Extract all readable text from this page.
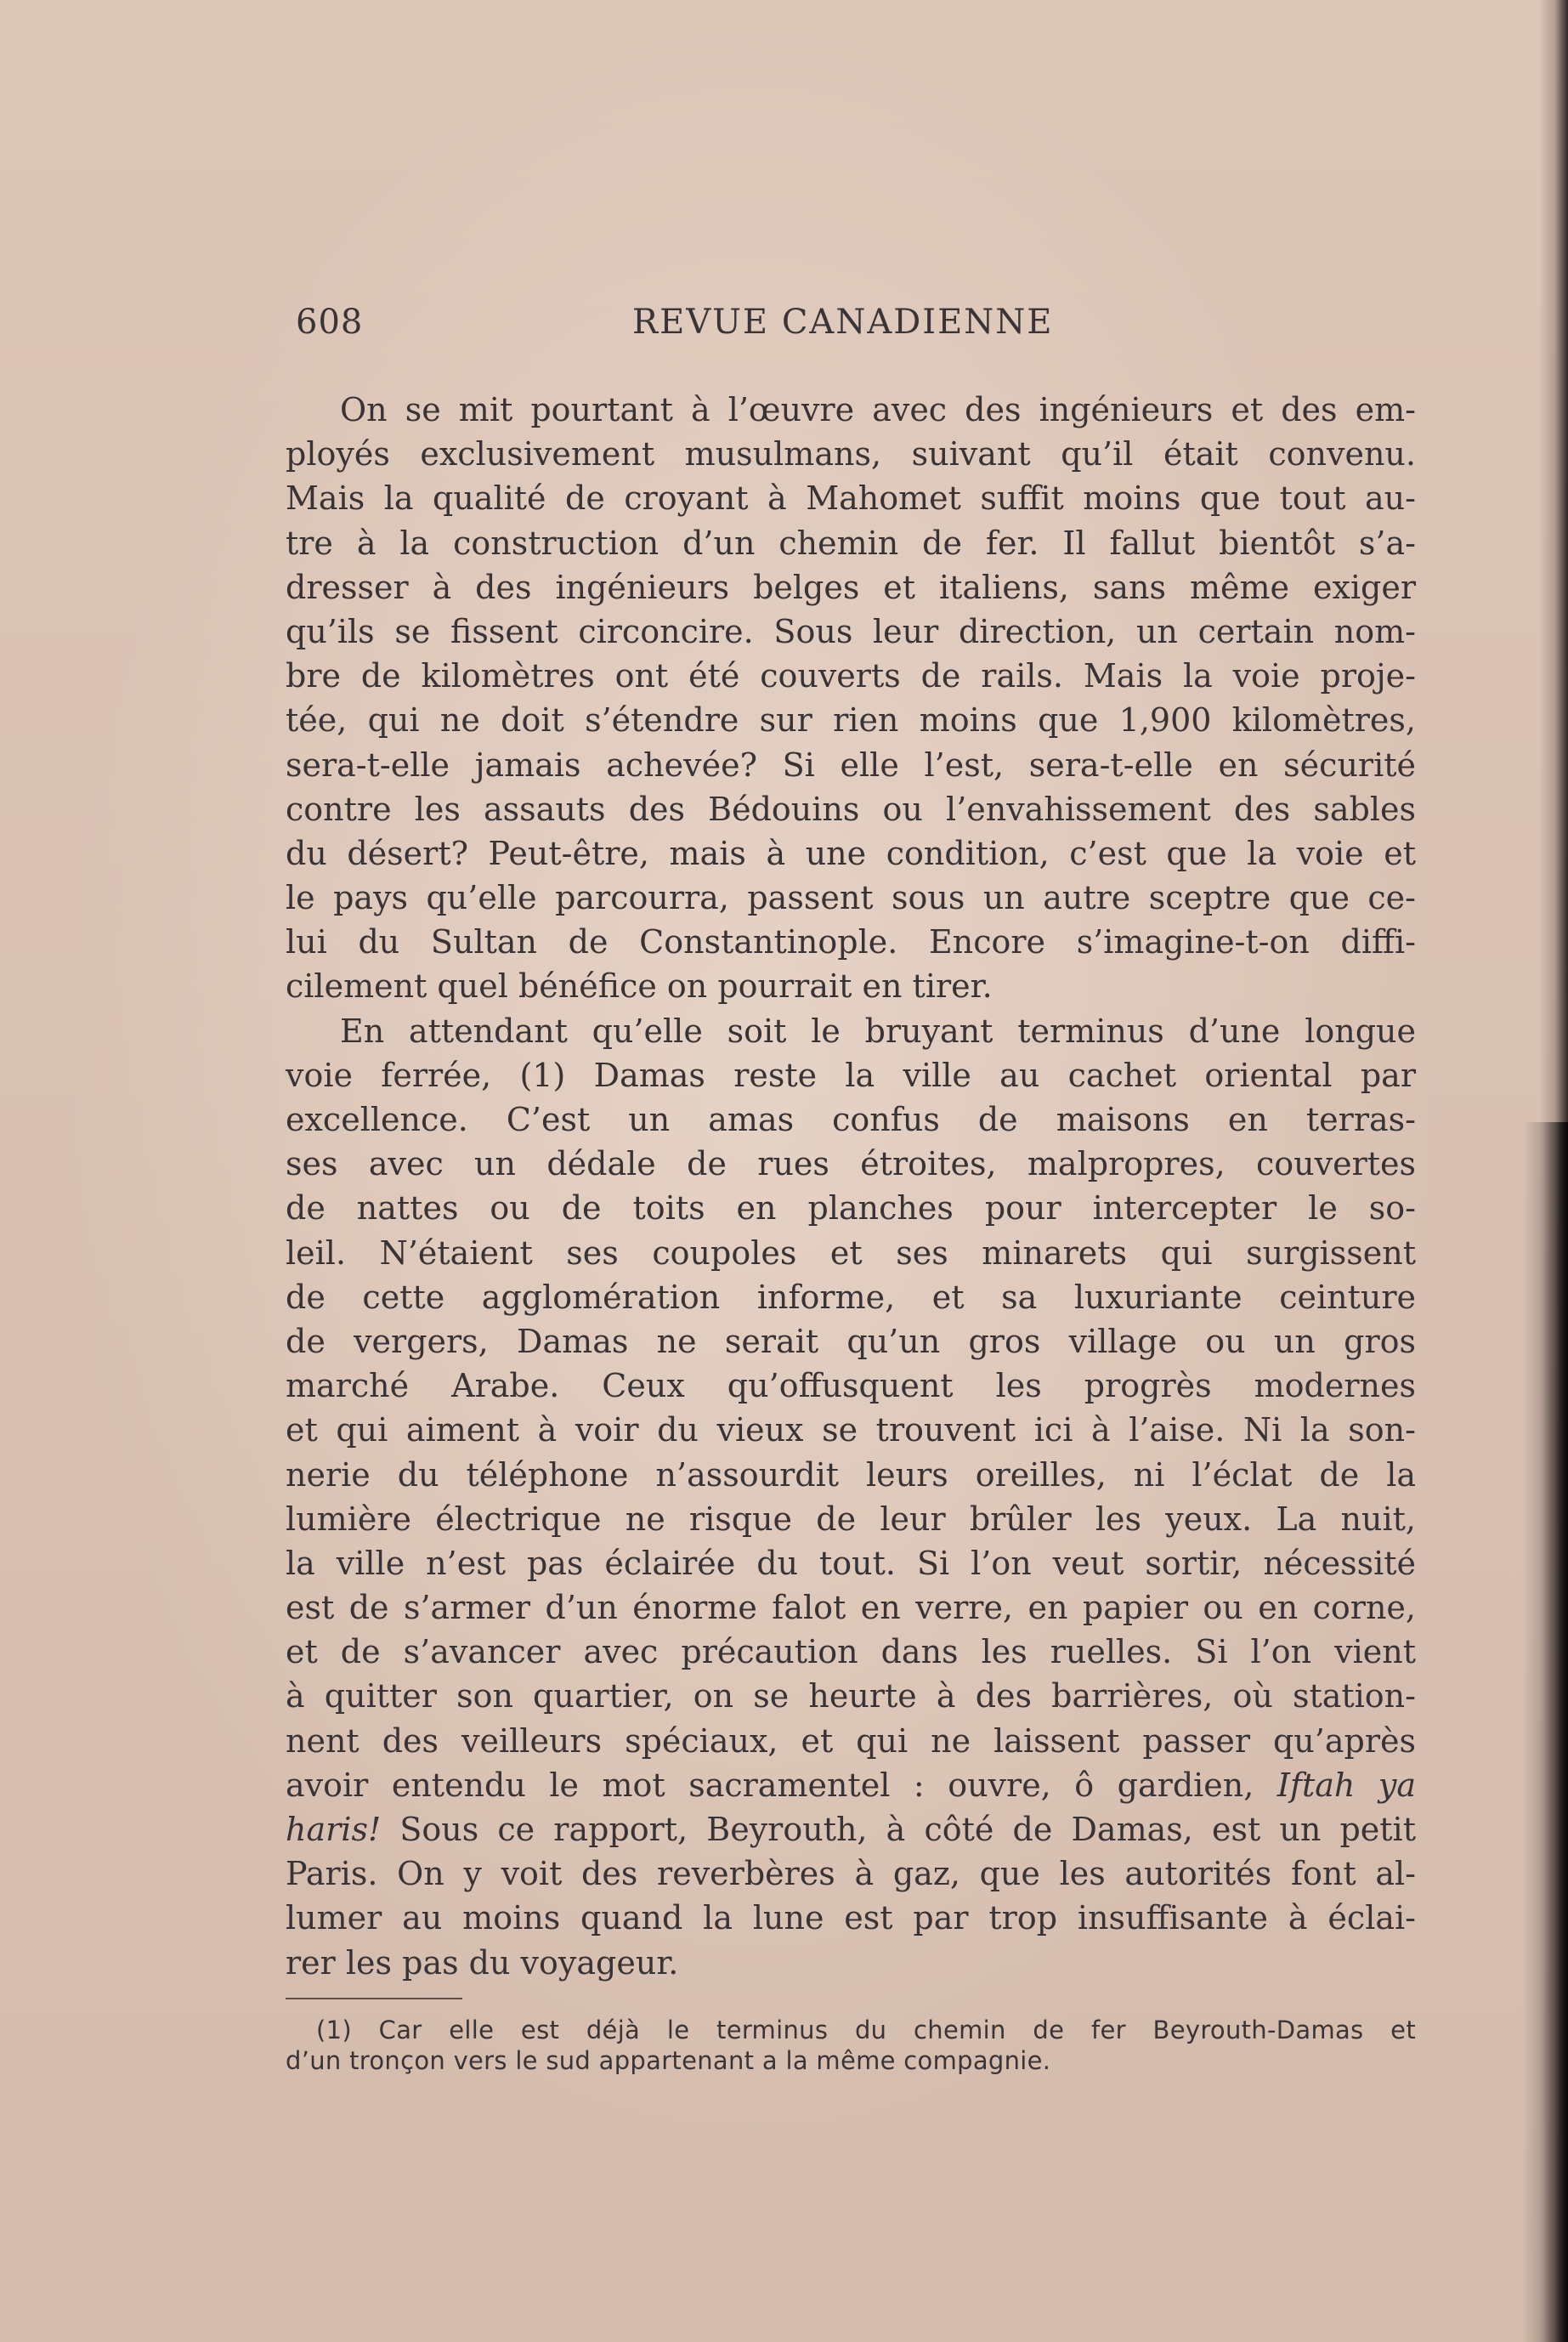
608	REVUE CANADIENNE
On se mit pourtant à l’œuvre avec des ingénieurs et des em-
ployés exclusivement musulmans, suivant qu’il était convenu.
Mais la qualité de croyant à Mahomet suffit moins que tout au-
tre à la construction d’un chemin de fer. Il fallut bientôt s’a-
dresser à des ingénieurs belges et italiens, sans même exiger
qu’ils se fissent circoncire. Sous leur direction, un certain nom-
bre de kilomètres ont été couverts de rails. Mais la voie proje-
tée, qui ne doit s’étendre sur rien moins que 1,900 kilomètres,
sera-t-elle jamais achevée? Si elle l’est, sera-t-elle en sécurité
contre les assauts des Bédouins ou l’envahissement des sables
du désert? Peut-être, mais à une condition, c’est que la voie et
le pays qu’elle parcourra, passent sous un autre sceptre que ce-
lui du Sultan de Constantinople. Encore s’imagine-t-on diffi-
cilement quel bénéfice on pourrait en tirer.
En attendant qu’elle soit le bruyant terminus d’une longue
voie ferrée, (1) Damas reste la ville au cachet oriental par
excellence. C’est un amas confus de maisons en terras-
ses avec un dédale de rues étroites, malpropres, couvertes
de nattes ou de toits en planches pour intercepter le so-
leil. N’étaient ses coupoles et ses minarets qui surgissent
de cette agglomération informe, et sa luxuriante ceinture
de vergers, Damas ne serait qu’un gros village ou un gros
marché Arabe. Ceux qu’offusquent les progrès modernes
et qui aiment à voir du vieux se trouvent ici à l’aise. Ni la son-
nerie du téléphone n’assourdit leurs oreilles, ni l’éclat de la
lumière électrique ne risque de leur brûler les yeux. La nuit,
la ville n’est pas éclairée du tout. Si l’on veut sortir, nécessité
est de s’armer d’un énorme falot en verre, en papier ou en corne,
et de s’avancer avec précaution dans les ruelles. Si l’on vient
à quitter son quartier, on se heurte à des barrières, où station-
nent des veilleurs spéciaux, et qui ne laissent passer qu’après
avoir entendu le mot sacramentel : ouvre, ô gardien, Iftah ya
haris! Sous ce rapport, Beyrouth, à côté de Damas, est un petit
Paris. On y voit des reverbères à gaz, que les autorités font al-
lumer au moins quand la lune est par trop insuffisante à éclai-
rer les pas du voyageur.
(1) Car elle est déjà le terminus du chemin de fer Beyrouth-Damas et
d’un tronçon vers le sud appartenant a la même compagnie.
